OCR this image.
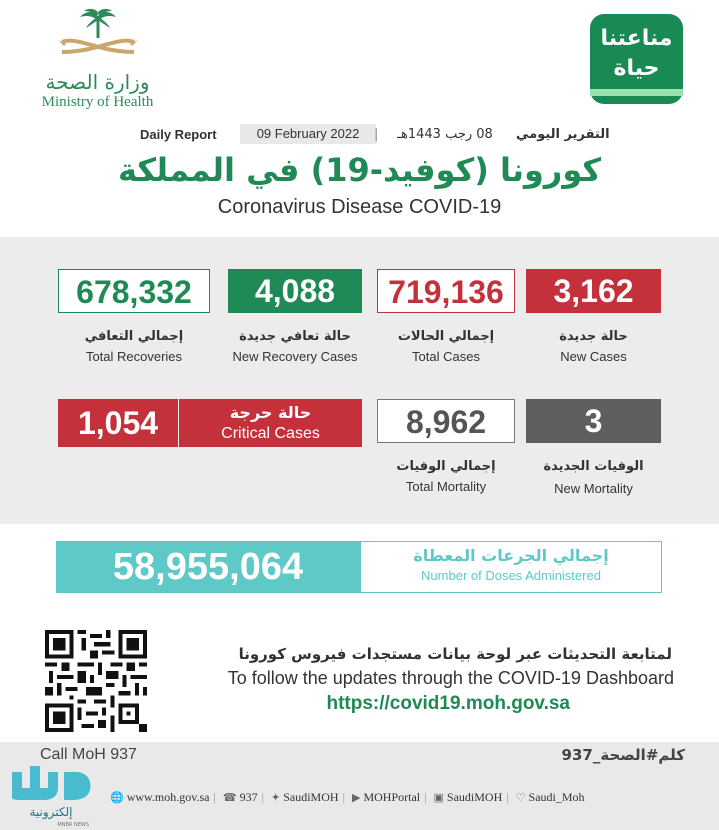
وزارة الصحة
Ministry of Health
مناعتنا
حياة
Daily Report	09 February 2022	|	08 رجب 1443هـ	التقرير اليومي
كورونا (كوفيد-19) في المملكة
Coronavirus Disease COVID-19
678,332
إجمالي التعافي
Total Recoveries
4,088
حالة تعافي جديدة
New Recovery Cases
719,136
إجمالي الحالات
Total Cases
3,162
حالة جديدة
New Cases
1,054	حالة حرجة
Critical Cases	8,962
إجمالي الوفيات
Total Mortality
3
الوفيات الجديدة
New Mortality
58,955,064	إجمالي الجرعات المعطاة
Number of Doses Administered
لمتابعة التحديثات عبر لوحة بيانات مستجدات فيروس كورونا
To follow the updates through the COVID-19 Dashboard
https://covid19.moh.gov.sa
Call MoH 937	كلم#الصحة_937
🌐 www.moh.gov.sa | ☎ 937 | ✦ SaudiMOH | ▶ MOHPortal | ▣ SaudiMOH | ♡ Saudi_Moh
إلكترونية
MNBR NEWS
